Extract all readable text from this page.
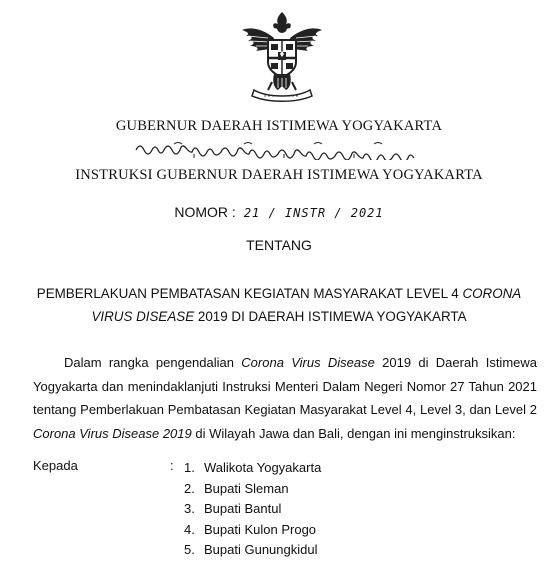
GUBERNUR DAERAH ISTIMEWA YOGYAKARTA
INSTRUKSI GUBERNUR DAERAH ISTIMEWA YOGYAKARTA
NOMOR : 21 / INSTR / 2021
TENTANG
PEMBERLAKUAN PEMBATASAN KEGIATAN MASYARAKAT LEVEL 4 CORONA
VIRUS DISEASE 2019 DI DAERAH ISTIMEWA YOGYAKARTA
Dalam rangka pengendalian Corona Virus Disease 2019 di Daerah Istimewa Yogyakarta dan menindaklanjuti Instruksi Menteri Dalam Negeri Nomor 27 Tahun 2021 tentang Pemberlakuan Pembatasan Kegiatan Masyarakat Level 4, Level 3, dan Level 2 Corona Virus Disease 2019 di Wilayah Jawa dan Bali, dengan ini menginstruksikan:
Kepada	: 1. Walikota Yogyakarta
2. Bupati Sleman
3. Bupati Bantul
4. Bupati Kulon Progo
5. Bupati Gunungkidul
